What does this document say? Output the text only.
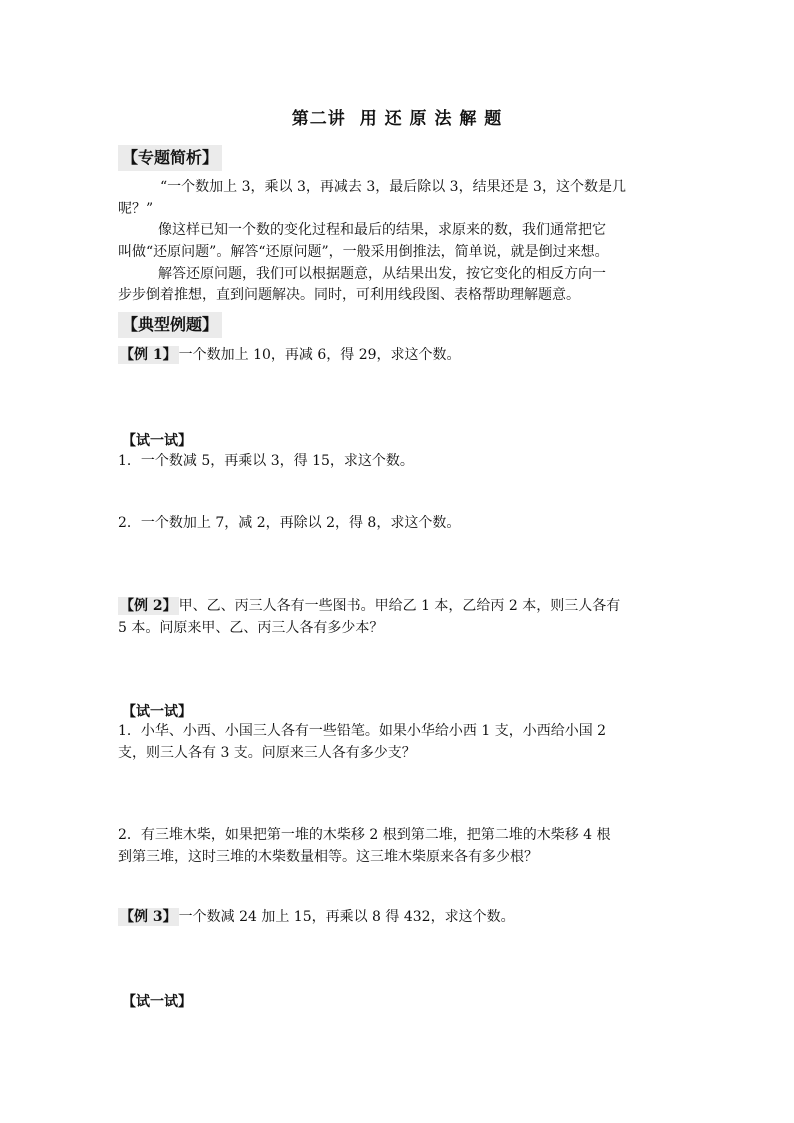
第二讲 用 还 原 法 解 题
【专题简析】
“一个数加上 3，乘以 3，再减去 3，最后除以 3，结果还是 3，这个数是几
呢？”
像这样已知一个数的变化过程和最后的结果，求原来的数，我们通常把它
叫做“还原问题”。解答“还原问题”，一般采用倒推法，简单说，就是倒过来想。
解答还原问题，我们可以根据题意，从结果出发，按它变化的相反方向一
步步倒着推想，直到问题解决。同时，可利用线段图、表格帮助理解题意。
【典型例题】
【例 1】 一个数加上 10，再减 6，得 29，求这个数。
【试一试】
1．一个数减 5，再乘以 3，得 15，求这个数。
2．一个数加上 7，减 2，再除以 2，得 8，求这个数。
【例 2】 甲、乙、丙三人各有一些图书。甲给乙 1 本，乙给丙 2 本，则三人各有
5 本。问原来甲、乙、丙三人各有多少本？
【试一试】
1．小华、小西、小国三人各有一些铅笔。如果小华给小西 1 支，小西给小国 2
支，则三人各有 3 支。问原来三人各有多少支？
2．有三堆木柴，如果把第一堆的木柴移 2 根到第二堆，把第二堆的木柴移 4 根
到第三堆，这时三堆的木柴数量相等。这三堆木柴原来各有多少根？
【例 3】 一个数减 24 加上 15，再乘以 8 得 432，求这个数。
【试一试】
